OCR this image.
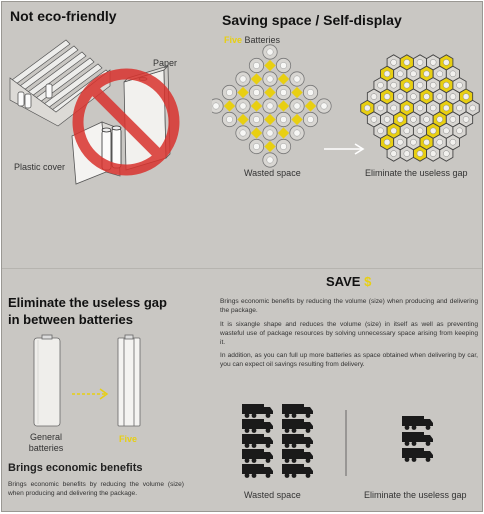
Not eco-friendly
Paper
Plastic cover
Saving space / Self-display
Five Batteries
Wasted space	Eliminate the useless gap
Eliminate the useless gap
in between batteries
General
batteries
Five
Brings economic benefits
Brings economic benefits by reducing the volume (size) when producing and delivering the package.
SAVE $
Brings economic benefits by reducing the volume (size) when producing and delivering the package.
It is sixangle shape and reduces the volume (size) in itself as well as preventing wasteful use of package resources by solving unnecessary space arising from keeping it.
In addition, as you can full up more batteries as space obtained when delivering by car, you can expect oil savings resulting from delivery.
Wasted space	Eliminate the useless gap
